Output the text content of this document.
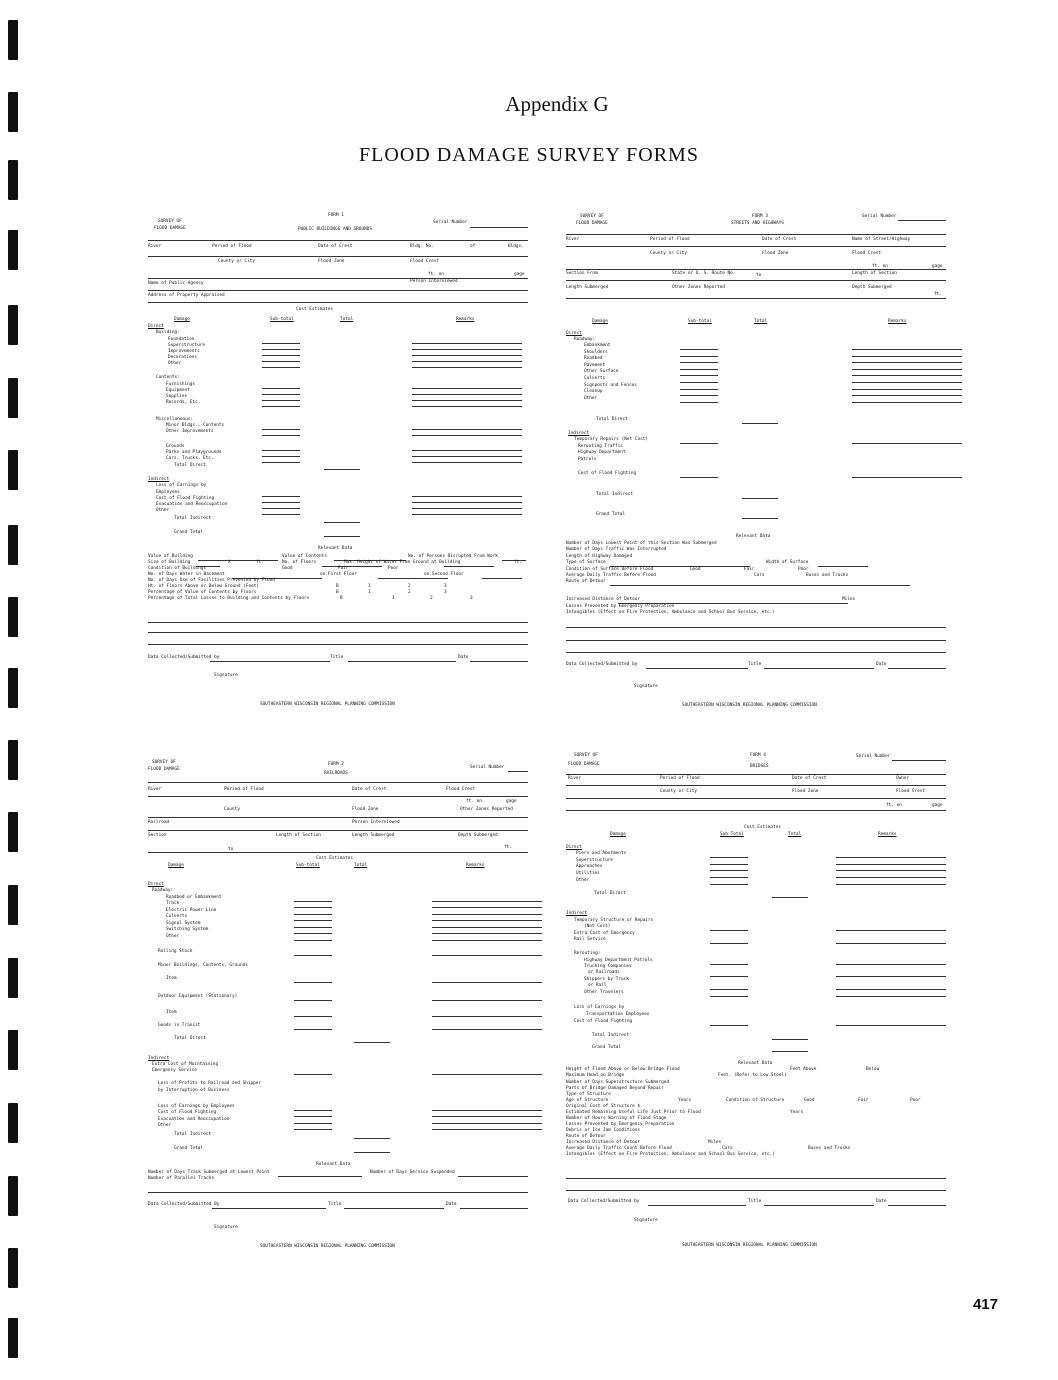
Appendix G
FLOOD DAMAGE SURVEY FORMS
SURVEY OF
FLOOD DAMAGE
FORM 1
PUBLIC BUILDINGS AND GROUNDS
Serial Number
River	Period of Flood	Date of Crest	Bldg. No.	of	Bldgs.
County or City	Flood Zone	Flood Crest
ft. on	gage
Name of Public Agency	Person Interviewed
Address of Property Appraised
Cost Estimates
Damage	Sub-total	Total	Remarks
Direct
Building:
Foundation
Superstructure
Improvements
Decorations
Other
Contents:
Furnishings
Equipment
Supplies
Records, Etc.
Miscellaneous:
Minor Bldgs., Contents
Other Improvements
Grounds
Parks and Playgrounds
Cars, Trucks, Etc.
Total Direct
Indirect
Loss of Earnings by
Employees
Cost of Flood Fighting
Evacuation and Reoccupation
Other
Total Indirect
Grand Total
Relevant Data
Value of Building	Value of Contents	No. of Persons Disrupted From Work
Size of Building	X	ft.	No. of Floors	Max. Height of Water From Ground at Building	ft.
Condition of Buildings	Good	Fair	Poor
No. of Days Water in Basement	on First Floor	on Second Floor
No. of Days Use of Facilities Prevented by Flood
Ht. of Floors Above or Below Ground (Feet)	B	1	2	3
Percentage of Value of Contents by Floors	B	1	2	3
Percentage of Total Losses to Building and Contents by Floors	B	1	2	3
Data Collected/Submitted by	Title	Date
Signature
SOUTHEASTERN WISCONSIN REGIONAL PLANNING COMMISSION
SURVEY OF
FLOOD DAMAGE
FORM 3
STREETS AND HIGHWAYS
Serial Number
River	Period of Flood	Date of Crest	Name of Street/Highway
County or City	Flood Zone	Flood Crest
ft. on	gage
Section From	State or U. S. Route No.	to	Length of Section
Length Submerged	Other Zones Reported	Depth Submerged
ft.
Damage	Sub-total	Total	Remarks
Direct
Roadway:
Embankment
Shoulders
Roadbed
Pavement
Other Surface
Culverts
Signposts and Fences
Cleanup
Other
Total Direct
Indirect
Temporary Repairs (Net Cost)
Rerouting Traffic
Highway Department
Patrols
Cost of Flood Fighting
Total Indirect
Grand Total
Relevant Data
Number of Days Lowest Point of this Section Was Submerged
Number of Days Traffic Was Interrupted
Length of Highway Damaged
Type of Surface	Width of Surface
Condition of Surface Before Flood	Good	Fair	Poor
Average Daily Traffic Before Flood	Cars	Buses and Trucks
Route of Detour
Increased Distance of Detour	Miles
Losses Prevented by Emergency Preparation
Intangibles (Effect on Fire Protection, Ambulance and School Bus Service, etc.)
Data Collected/Submitted by	Title	Date
Signature
SOUTHEASTERN WISCONSIN REGIONAL PLANNING COMMISSION
SURVEY OF
FLOOD DAMAGE
FORM 2
RAILROADS
Serial Number
River	Period of Flood	Date of Crest	Flood Crest
ft. on	gage
County	Flood Zone	Other Zones Reported
Railroad	Person Interviewed
Section	Length of Section	Length Submerged	Depth Submerged
to	ft.
Cost Estimates
Damage	Sub-total	Total	Remarks
Direct
Roadway:
Roadbed or Embankment
Track
Electric Power Line
Culverts
Signal System
Switching System
Other
Rolling Stock
Minor Buildings, Contents, Grounds
Item
Outdoor Equipment (Stationary)
Item
Goods in Transit
Total Direct
Indirect
Extra Cost of Maintaining
Emergency Service
Loss of Profits to Railroad and Shipper
by Interruption of Business
Loss of Earnings by Employees
Cost of Flood Fighting
Evacuation and Reoccupation
Other
Total Indirect
Grand Total
Relevant Data
Number of Days Track Submerged at Lowest Point	Number of Days Service Suspended
Number of Parallel Tracks
Data Collected/Submitted By	Title	Date
Signature
SOUTHEASTERN WISCONSIN REGIONAL PLANNING COMMISSION
SURVEY OF
FLOOD DAMAGE
FORM 4
BRIDGES
Serial Number
River	Period of Flood	Date of Crest	Owner
County or City	Flood Zone	Flood Crest
ft. on	gage
Cost Estimates
Damage	Sub Total	Total	Remarks
Direct
Piers and Abutments
Superstructure
Approaches
Utilities
Other
Total Direct
Indirect
Temporary Structure or Repairs
(Net Cost)
Extra Cost of Emergency
Rail Service
Rerouting:
Highway Department Patrols
Trucking Companies
or Railroads
Shippers by Truck
or Rail
Other Travelers
Loss of Earnings by
Transportation Employees
Cost of Flood Fighting
Total Indirect
Grand Total
Relevant Data
Height of Flood Above or Below Bridge Flood	Feet Above	Below
Maximum Head on Bridge	Feet. (Refer to Low Steel)
Number of Days Superstructure Submerged
Parts of Bridge Damaged Beyond Repair
Type of Structure
Age of Structure	Years	Condition of Structure	Good	Fair	Poor
Original Cost of Structure $
Estimated Remaining Useful Life Just Prior to Flood	Years
Number of Hours Warning of Flood Stage
Losses Prevented by Emergency Preparation
Debris or Ice Jam Conditions
Route of Detour
Increased Distance of Detour	Miles
Average Daily Traffic Count Before Flood	Cars	Buses and Trucks
Intangibles (Effect on Fire Protection, Ambulance and School Bus Service, etc.)
Data Collected/Submitted by	Title	Date
Signature
SOUTHEASTERN WISCONSIN REGIONAL PLANNING COMMISSION
417
